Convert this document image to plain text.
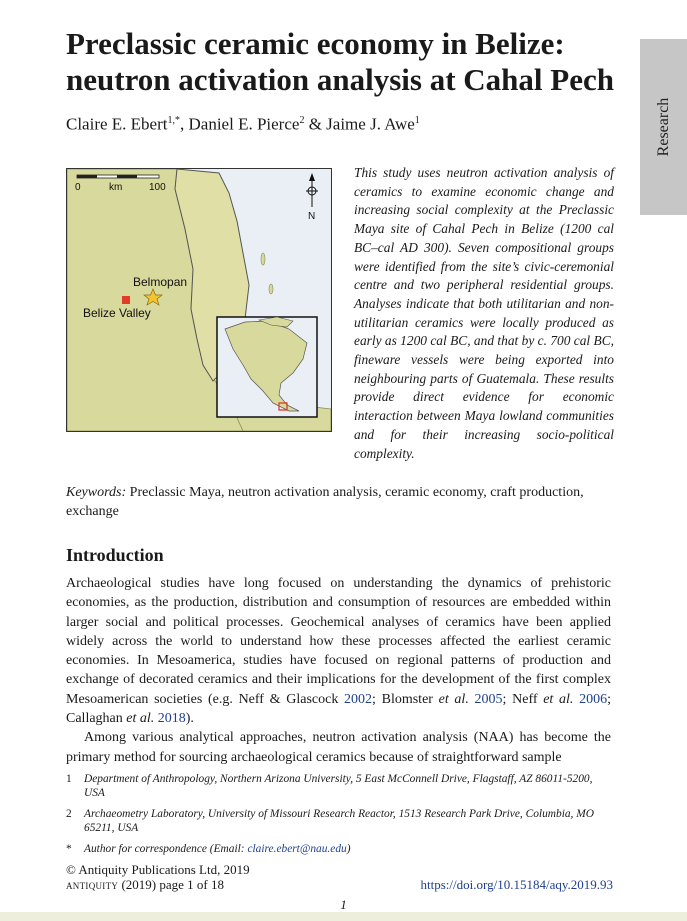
Preclassic ceramic economy in Belize:
neutron activation analysis at Cahal Pech
Claire E. Ebert$^{1,*}$, Daniel E. Pierce$^2$ & Jaime J. Awe$^1$	Research
0	km	100
N
Belmopan
Belize Valley

This study uses neutron activation analysis of ceramics to examine economic change and increasing social complexity at the Preclassic Maya site of Cahal Pech in Belize (1200 cal BC–cal AD 300). Seven compositional groups were identified from the site’s civic-ceremonial centre and two peripheral residential groups. Analyses indicate that both utilitarian and non-utilitarian ceramics were locally produced as early as 1200 cal BC, and that by c. 700 cal BC, fineware vessels were being exported into neighbouring parts of Guatemala. These results provide direct evidence for economic interaction between Maya lowland communities and for their increasing socio-political complexity.

Keywords: Preclassic Maya, neutron activation analysis, ceramic economy, craft production, exchange

Introduction

Archaeological studies have long focused on understanding the dynamics of prehistoric economies, as the production, distribution and consumption of resources are embedded within larger social and political processes. Geochemical analyses of ceramics have been applied widely across the world to understand how these processes affected the earliest ceramic economies. In Mesoamerica, studies have focused on regional patterns of production and exchange of decorated ceramics and their implications for the development of the first complex Mesoamerican societies (e.g. Neff & Glascock 2002; Blomster et al. 2005; Neff et al. 2006; Callaghan et al. 2018).

Among various analytical approaches, neutron activation analysis (NAA) has become the primary method for sourcing archaeological ceramics because of straightforward sample

1 Department of Anthropology, Northern Arizona University, 5 East McConnell Drive, Flagstaff, AZ 86011-5200, USA
2 Archaeometry Laboratory, University of Missouri Research Reactor, 1513 Research Park Drive, Columbia, MO 65211, USA
* Author for correspondence (Email: claire.ebert@nau.edu)
© Antiquity Publications Ltd, 2019
antiquity (2019) page 1 of 18	https://doi.org/10.15184/aqy.2019.93
1
